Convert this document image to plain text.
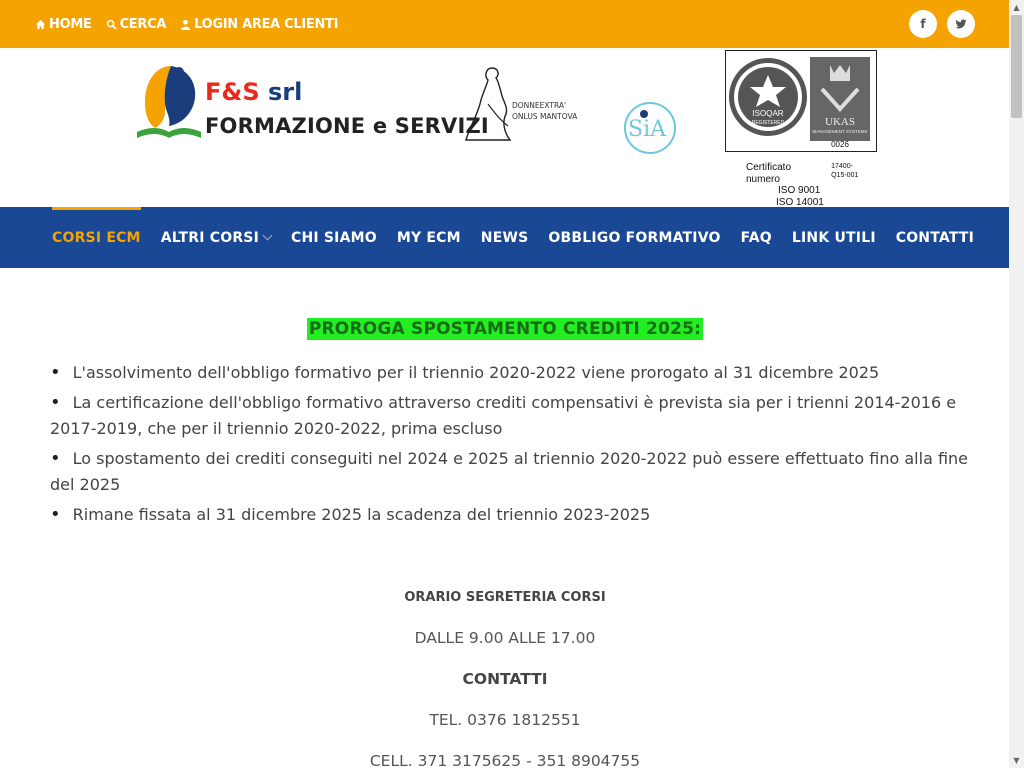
HOME CERCA LOGIN AREA CLIENTI	f
F&S srl
FORMAZIONE e SERVIZI
DONNEEXTRA'
ONLUS MANTOVA
SiA
ISOQAR
REGISTERED	UKAS
MANAGEMENT SYSTEMS
0026
Certificato numero
17400-Q15-001
ISO 9001
ISO 14001
CORSI ECM ALTRI CORSI CHI SIAMO MY ECM NEWS OBBLIGO FORMATIVO FAQ LINK UTILI CONTATTI
PROROGA SPOSTAMENTO CREDITI 2025:
• L'assolvimento dell'obbligo formativo per il triennio 2020-2022 viene prorogato al 31 dicembre 2025
• La certificazione dell'obbligo formativo attraverso crediti compensativi è prevista sia per i trienni 2014-2016 e 2017-2019, che per il triennio 2020-2022, prima escluso
• Lo spostamento dei crediti conseguiti nel 2024 e 2025 al triennio 2020-2022 può essere effettuato fino alla fine del 2025
• Rimane fissata al 31 dicembre 2025 la scadenza del triennio 2023-2025
ORARIO SEGRETERIA CORSI
DALLE 9.00 ALLE 17.00
CONTATTI
TEL. 0376 1812551
CELL. 371 3175625 - 351 8904755
▲
▼
